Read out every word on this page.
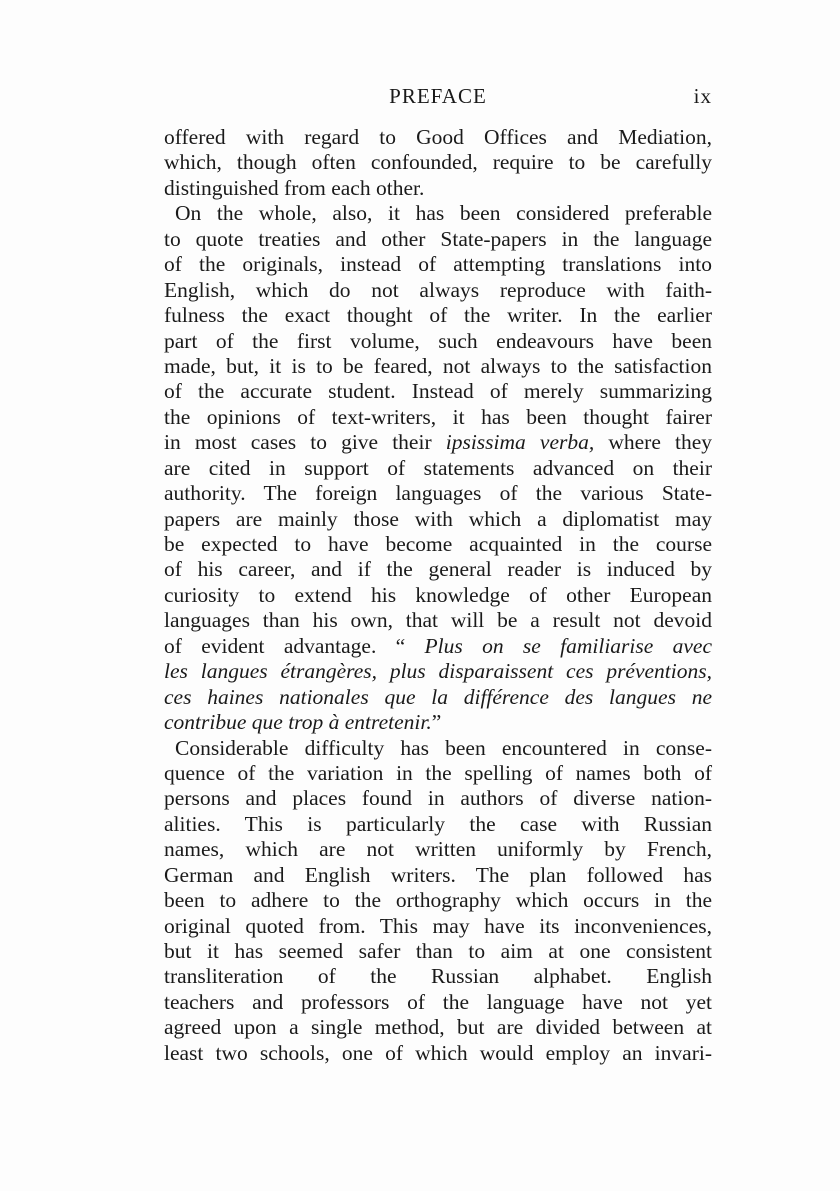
PREFACE	ix
offered with regard to Good Offices and Mediation,
which, though often confounded, require to be carefully
distinguished from each other.
On the whole, also, it has been considered preferable
to quote treaties and other State-papers in the language
of the originals, instead of attempting translations into
English, which do not always reproduce with faith-
fulness the exact thought of the writer. In the earlier
part of the first volume, such endeavours have been
made, but, it is to be feared, not always to the satisfaction
of the accurate student. Instead of merely summarizing
the opinions of text-writers, it has been thought fairer
in most cases to give their ipsissima verba, where they
are cited in support of statements advanced on their
authority. The foreign languages of the various State-
papers are mainly those with which a diplomatist may
be expected to have become acquainted in the course
of his career, and if the general reader is induced by
curiosity to extend his knowledge of other European
languages than his own, that will be a result not devoid
of evident advantage. “ Plus on se familiarise avec
les langues étrangères, plus disparaissent ces préventions,
ces haines nationales que la différence des langues ne
contribue que trop à entretenir.”
Considerable difficulty has been encountered in conse-
quence of the variation in the spelling of names both of
persons and places found in authors of diverse nation-
alities. This is particularly the case with Russian
names, which are not written uniformly by French,
German and English writers. The plan followed has
been to adhere to the orthography which occurs in the
original quoted from. This may have its inconveniences,
but it has seemed safer than to aim at one consistent
transliteration of the Russian alphabet. English
teachers and professors of the language have not yet
agreed upon a single method, but are divided between at
least two schools, one of which would employ an invari-
